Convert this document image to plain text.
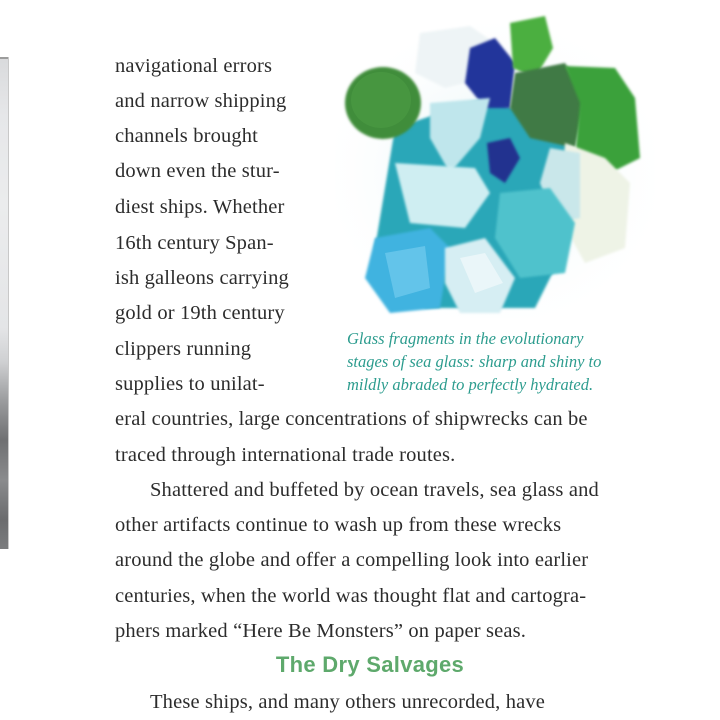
navigational errors
and narrow shipping
channels brought
down even the stur-
diest ships. Whether
16th century Span-
ish galleons carrying
gold or 19th century
clippers running
supplies to unilat-
Glass fragments in the evolutionary
stages of sea glass: sharp and shiny to
mildly abraded to perfectly hydrated.
eral countries, large concentrations of shipwrecks can be
traced through international trade routes.
Shattered and buffeted by ocean travels, sea glass and
other artifacts continue to wash up from these wrecks
around the globe and offer a compelling look into earlier
centuries, when the world was thought flat and cartogra-
phers marked “Here Be Monsters” on paper seas.
The Dry Salvages
These ships, and many others unrecorded, have
